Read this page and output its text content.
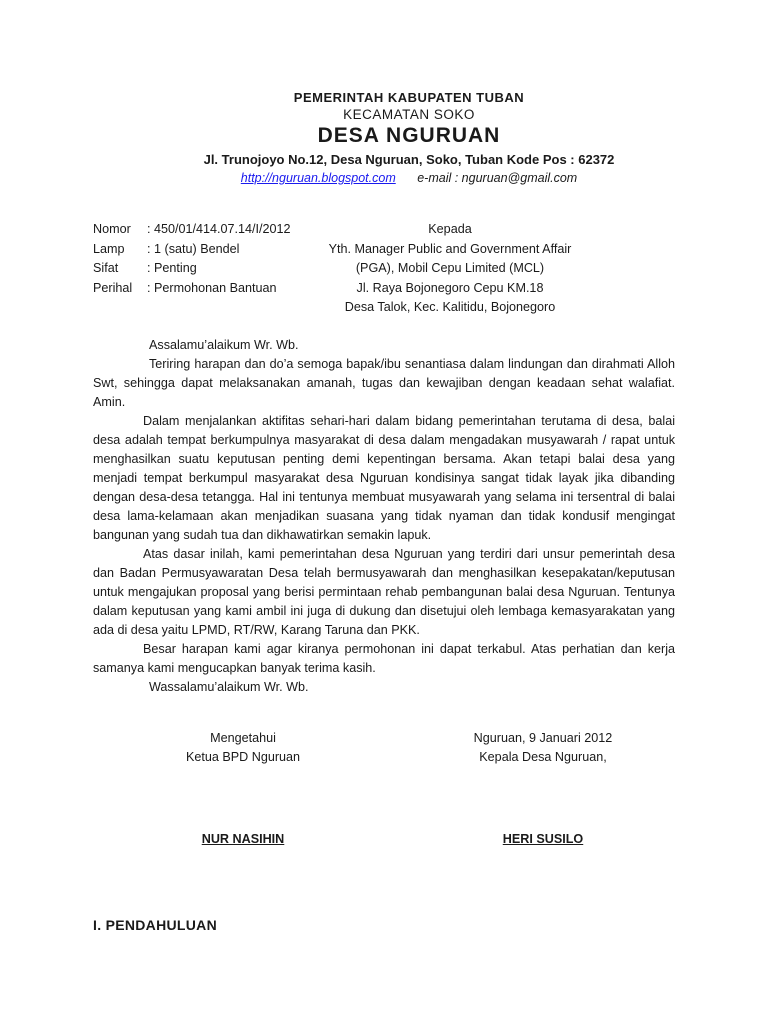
PEMERINTAH KABUPATEN TUBAN
KECAMATAN SOKO
DESA NGURUAN
Jl. Trunojoyo No.12, Desa Nguruan, Soko, Tuban Kode Pos : 62372
http://nguruan.blogspot.com e-mail : nguruan@gmail.com
Nomor : 450/01/414.07.14/I/2012
Lamp : 1 (satu) Bendel
Sifat : Penting
Perihal : Permohonan Bantuan
Kepada
Yth. Manager Public and Government Affair
(PGA), Mobil Cepu Limited (MCL)
Jl. Raya Bojonegoro Cepu KM.18
Desa Talok, Kec. Kalitidu, Bojonegoro

Assalamu’alaikum Wr. Wb.

Teriring harapan dan do’a semoga bapak/ibu senantiasa dalam lindungan dan dirahmati Alloh Swt, sehingga dapat melaksanakan amanah, tugas dan kewajiban dengan keadaan sehat walafiat. Amin.

Dalam menjalankan aktifitas sehari-hari dalam bidang pemerintahan terutama di desa, balai desa adalah tempat berkumpulnya masyarakat di desa dalam mengadakan musyawarah / rapat untuk menghasilkan suatu keputusan penting demi kepentingan bersama. Akan tetapi balai desa yang menjadi tempat berkumpul masyarakat desa Nguruan kondisinya sangat tidak layak jika dibanding dengan desa-desa tetangga. Hal ini tentunya membuat musyawarah yang selama ini tersentral di balai desa lama-kelamaan akan menjadikan suasana yang tidak nyaman dan tidak kondusif mengingat bangunan yang sudah tua dan dikhawatirkan semakin lapuk.

Atas dasar inilah, kami pemerintahan desa Nguruan yang terdiri dari unsur pemerintah desa dan Badan Permusyawaratan Desa telah bermusyawarah dan menghasilkan kesepakatan/keputusan untuk mengajukan proposal yang berisi permintaan rehab pembangunan balai desa Nguruan. Tentunya dalam keputusan yang kami ambil ini juga di dukung dan disetujui oleh lembaga kemasyarakatan yang ada di desa yaitu LPMD, RT/RW, Karang Taruna dan PKK.

Besar harapan kami agar kiranya permohonan ini dapat terkabul. Atas perhatian dan kerja samanya kami mengucapkan banyak terima kasih.

Wassalamu’alaikum Wr. Wb.

Mengetahui
Ketua BPD Nguruan
Nguruan, 9 Januari 2012
Kepala Desa Nguruan,
NUR NASIHIN	HERI SUSILO
I. PENDAHULUAN
